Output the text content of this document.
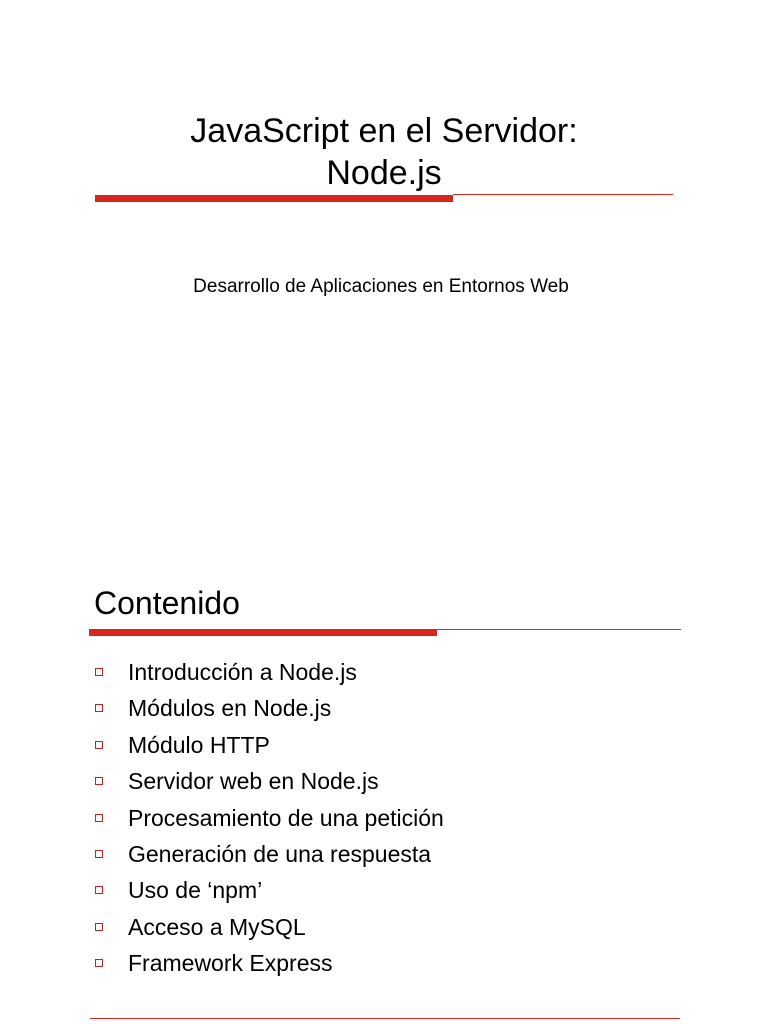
JavaScript en el Servidor:
Node.js
Desarrollo de Aplicaciones en Entornos Web
Contenido
Introducción a Node.js
Módulos en Node.js
Módulo HTTP
Servidor web en Node.js
Procesamiento de una petición
Generación de una respuesta
Uso de ‘npm’
Acceso a MySQL
Framework Express
